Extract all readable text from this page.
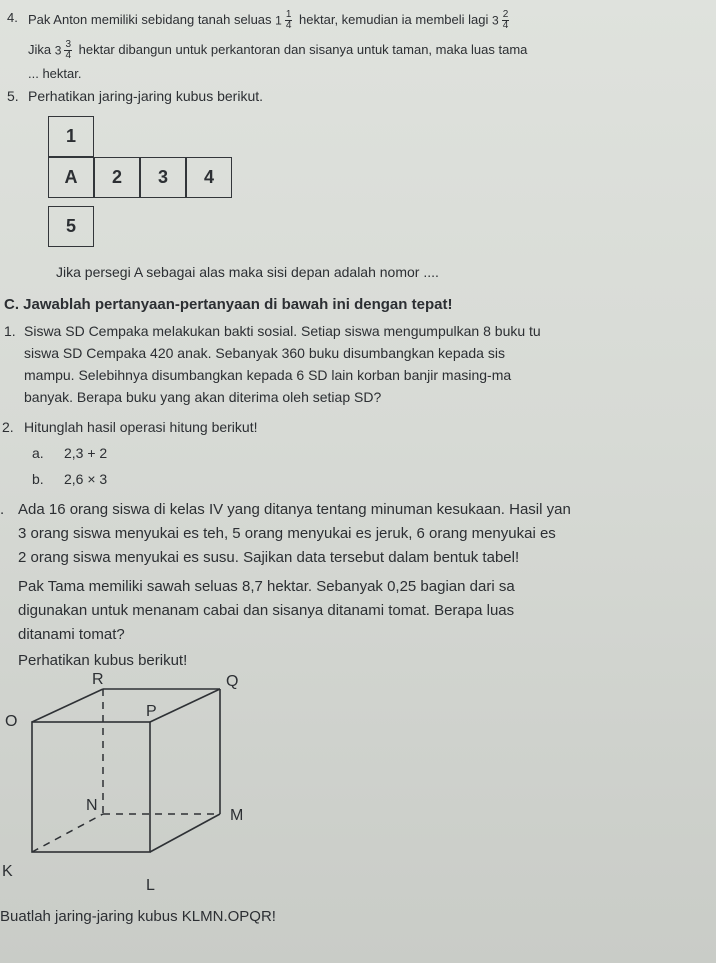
4. Pak Anton memiliki sebidang tanah seluas $1 \frac{1}{4}$ hektar, kemudian ia membeli lagi $3 \frac{2}{4}$
Jika $3 \frac{3}{4}$ hektar dibangun untuk perkantoran dan sisanya untuk taman, maka luas tama
... hektar.
5. Perhatikan jaring-jaring kubus berikut.
1
A	2	3	4
5
Jika persegi A sebagai alas maka sisi depan adalah nomor ....
C. Jawablah pertanyaan-pertanyaan di bawah ini dengan tepat!
1. Siswa SD Cempaka melakukan bakti sosial. Setiap siswa mengumpulkan 8 buku tu
siswa SD Cempaka 420 anak. Sebanyak 360 buku disumbangkan kepada sis
mampu. Selebihnya disumbangkan kepada 6 SD lain korban banjir masing-ma
banyak. Berapa buku yang akan diterima oleh setiap SD?
2. Hitunglah hasil operasi hitung berikut!
a. 2,3 + 2
b. 2,6 × 3
. Ada 16 orang siswa di kelas IV yang ditanya tentang minuman kesukaan. Hasil yan
3 orang siswa menyukai es teh, 5 orang menyukai es jeruk, 6 orang menyukai es
2 orang siswa menyukai es susu. Sajikan data tersebut dalam bentuk tabel!
Pak Tama memiliki sawah seluas 8,7 hektar. Sebanyak 0,25 bagian dari sa
digunakan untuk menanam cabai dan sisanya ditanami tomat. Berapa luas
ditanami tomat?
Perhatikan kubus berikut!
R	Q
O
P
N
M
K
L
Buatlah jaring-jaring kubus KLMN.OPQR!
